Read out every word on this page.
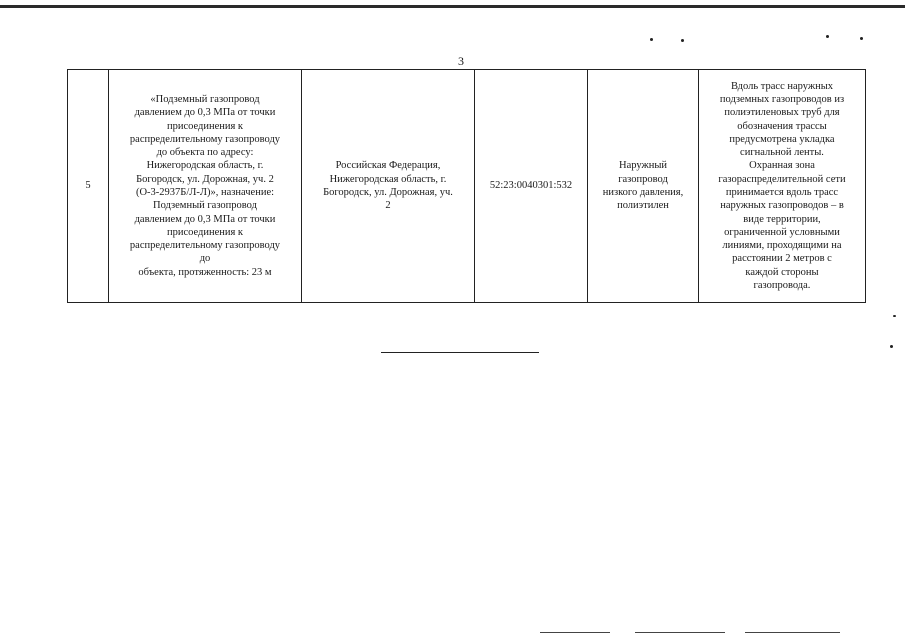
3
5	«Подземный газопровод
давлением до 0,3 МПа от точки
присоединения к
распределительному газопроводу
до объекта по адресу:
Нижегородская область, г.
Богородск, ул. Дорожная, уч. 2
(О-3-2937Б/Л-Л)», назначение:
Подземный газопровод
давлением до 0,3 МПа от точки
присоединения к
распределительному газопроводу
до
объекта, протяженность: 23 м	Российская Федерация,
Нижегородская область, г.
Богородск, ул. Дорожная, уч.
2	52:23:0040301:532	Наружный
газопровод
низкого давления,
полиэтилен	Вдоль трасс наружных
подземных газопроводов из
полиэтиленовых труб для
обозначения трассы
предусмотрена укладка
сигнальной ленты.
Охранная зона
газораспределительной сети
принимается вдоль трасс
наружных газопроводов – в
виде территории,
ограниченной условными
линиями, проходящими на
расстоянии 2 метров с
каждой стороны
газопровода.
